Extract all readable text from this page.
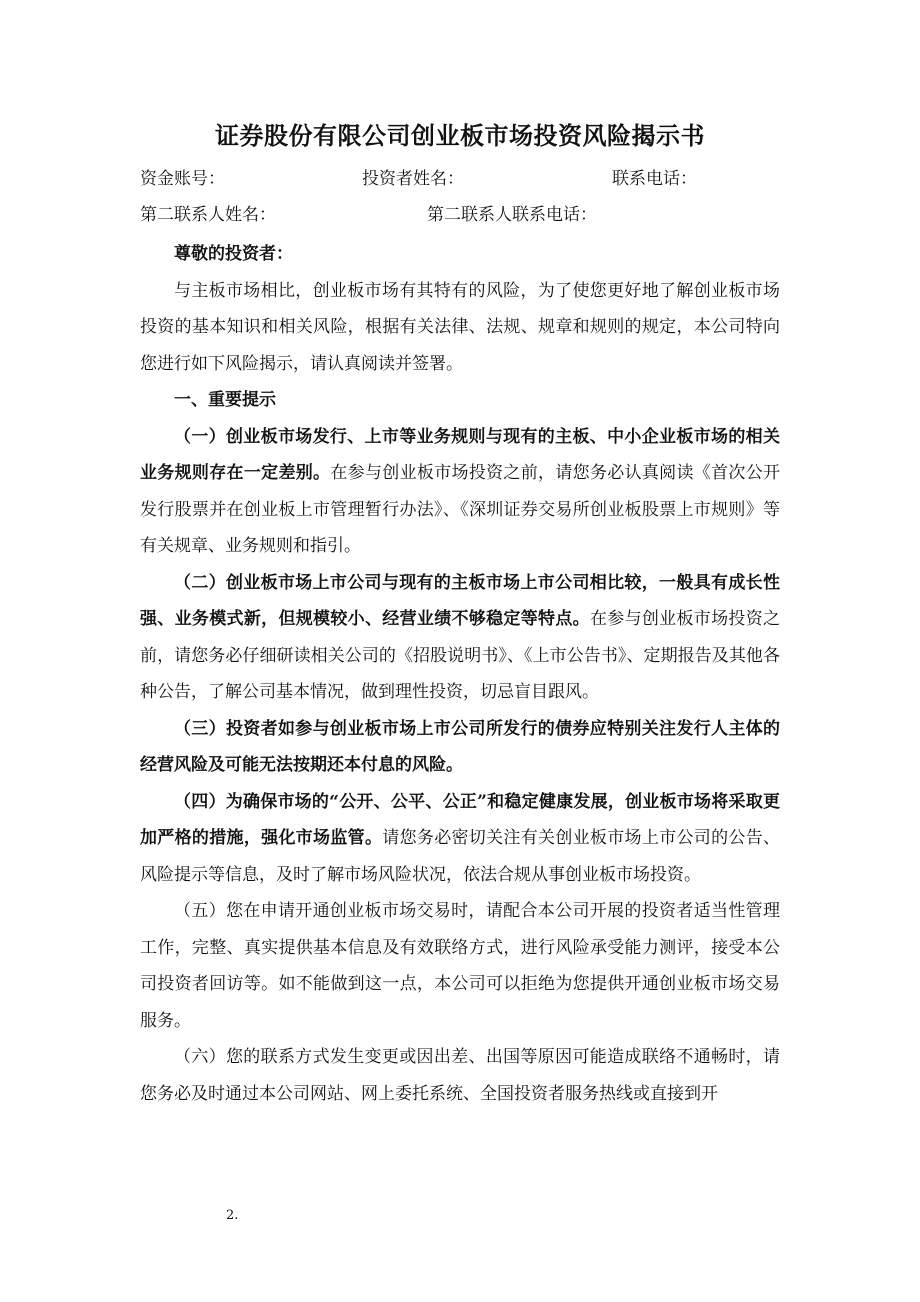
证券股份有限公司创业板市场投资风险揭示书
资金账号：	投资者姓名：	联系电话：
第二联系人姓名：	第二联系人联系电话：

尊敬的投资者：

与主板市场相比，创业板市场有其特有的风险，为了使您更好地了解创业板市场投资的基本知识和相关风险，根据有关法律、法规、规章和规则的规定，本公司特向您进行如下风险揭示，请认真阅读并签署。

一、重要提示

（一）创业板市场发行、上市等业务规则与现有的主板、中小企业板市场的相关业务规则存在一定差别。在参与创业板市场投资之前，请您务必认真阅读《首次公开发行股票并在创业板上市管理暂行办法》、《深圳证券交易所创业板股票上市规则》等有关规章、业务规则和指引。

（二）创业板市场上市公司与现有的主板市场上市公司相比较，一般具有成长性强、业务模式新，但规模较小、经营业绩不够稳定等特点。在参与创业板市场投资之前，请您务必仔细研读相关公司的《招股说明书》、《上市公告书》、定期报告及其他各种公告，了解公司基本情况，做到理性投资，切忌盲目跟风。

（三）投资者如参与创业板市场上市公司所发行的债券应特别关注发行人主体的经营风险及可能无法按期还本付息的风险。

（四）为确保市场的“公开、公平、公正”和稳定健康发展，创业板市场将采取更加严格的措施，强化市场监管。请您务必密切关注有关创业板市场上市公司的公告、风险提示等信息，及时了解市场风险状况，依法合规从事创业板市场投资。

（五）您在申请开通创业板市场交易时，请配合本公司开展的投资者适当性管理工作，完整、真实提供基本信息及有效联络方式，进行风险承受能力测评，接受本公司投资者回访等。如不能做到这一点，本公司可以拒绝为您提供开通创业板市场交易服务。

（六）您的联系方式发生变更或因出差、出国等原因可能造成联络不通畅时，请您务必及时通过本公司网站、网上委托系统、全国投资者服务热线或直接到开

2.
